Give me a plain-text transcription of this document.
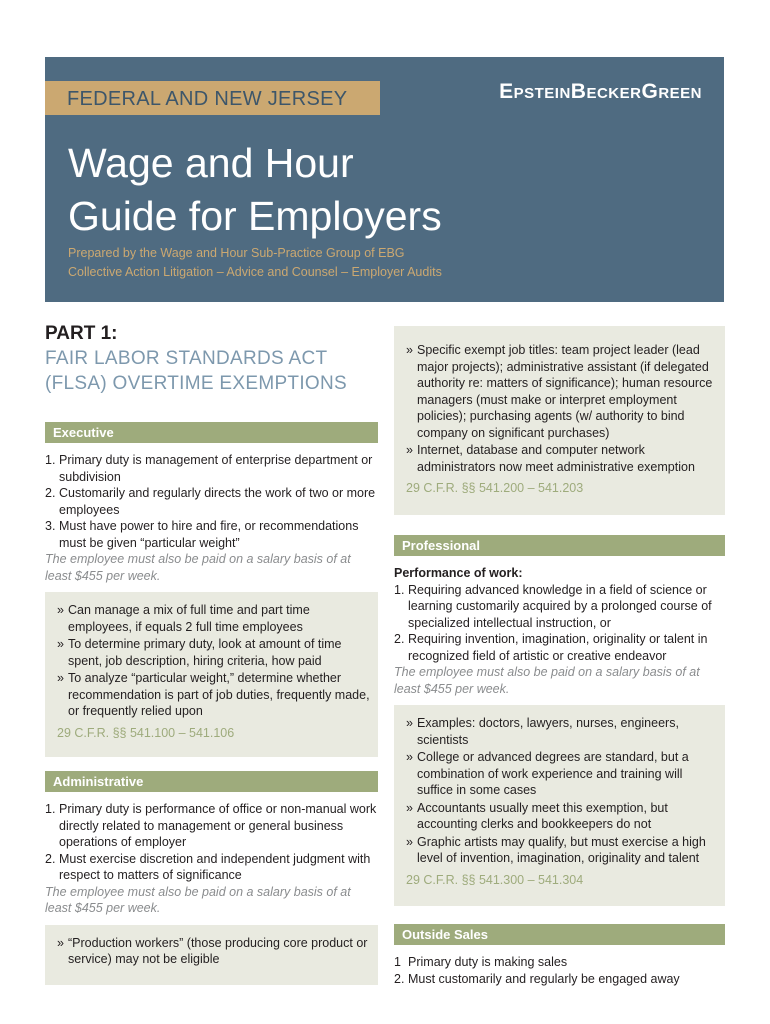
FEDERAL AND NEW JERSEY	EpsteinBeckerGreen
Wage and Hour
Guide for Employers
Prepared by the Wage and Hour Sub-Practice Group of EBG
Collective Action Litigation – Advice and Counsel – Employer Audits

PART 1:

FAIR LABOR STANDARDS ACT
(FLSA) OVERTIME EXEMPTIONS

Executive
1. Primary duty is management of enterprise department or subdivision
2. Customarily and regularly directs the work of two or more employees
3. Must have power to hire and fire, or recommendations must be given “particular weight”
The employee must also be paid on a salary basis of at least $455 per week.
» Can manage a mix of full time and part time employees, if equals 2 full time employees
» To determine primary duty, look at amount of time spent, job description, hiring criteria, how paid
» To analyze “particular weight,” determine whether recommendation is part of job duties, frequently made, or frequently relied upon
29 C.F.R. §§ 541.100 – 541.106
Administrative
1. Primary duty is performance of office or non-manual work directly related to management or general business operations of employer
2. Must exercise discretion and independent judgment with respect to matters of significance
The employee must also be paid on a salary basis of at least $455 per week.
» “Production workers” (those producing core product or service) may not be eligible
» Specific exempt job titles: team project leader (lead major projects); administrative assistant (if delegated authority re: matters of significance); human resource managers (must make or interpret employment policies); purchasing agents (w/ authority to bind company on significant purchases)
» Internet, database and computer network administrators now meet administrative exemption
29 C.F.R. §§ 541.200 – 541.203
Professional
Performance of work:
1. Requiring advanced knowledge in a field of science or learning customarily acquired by a prolonged course of specialized intellectual instruction, or
2. Requiring invention, imagination, originality or talent in recognized field of artistic or creative endeavor
The employee must also be paid on a salary basis of at least $455 per week.
» Examples: doctors, lawyers, nurses, engineers, scientists
» College or advanced degrees are standard, but a combination of work experience and training will suffice in some cases
» Accountants usually meet this exemption, but accounting clerks and bookkeepers do not
» Graphic artists may qualify, but must exercise a high level of invention, imagination, originality and talent
29 C.F.R. §§ 541.300 – 541.304
Outside Sales
1 Primary duty is making sales
2. Must customarily and regularly be engaged away
